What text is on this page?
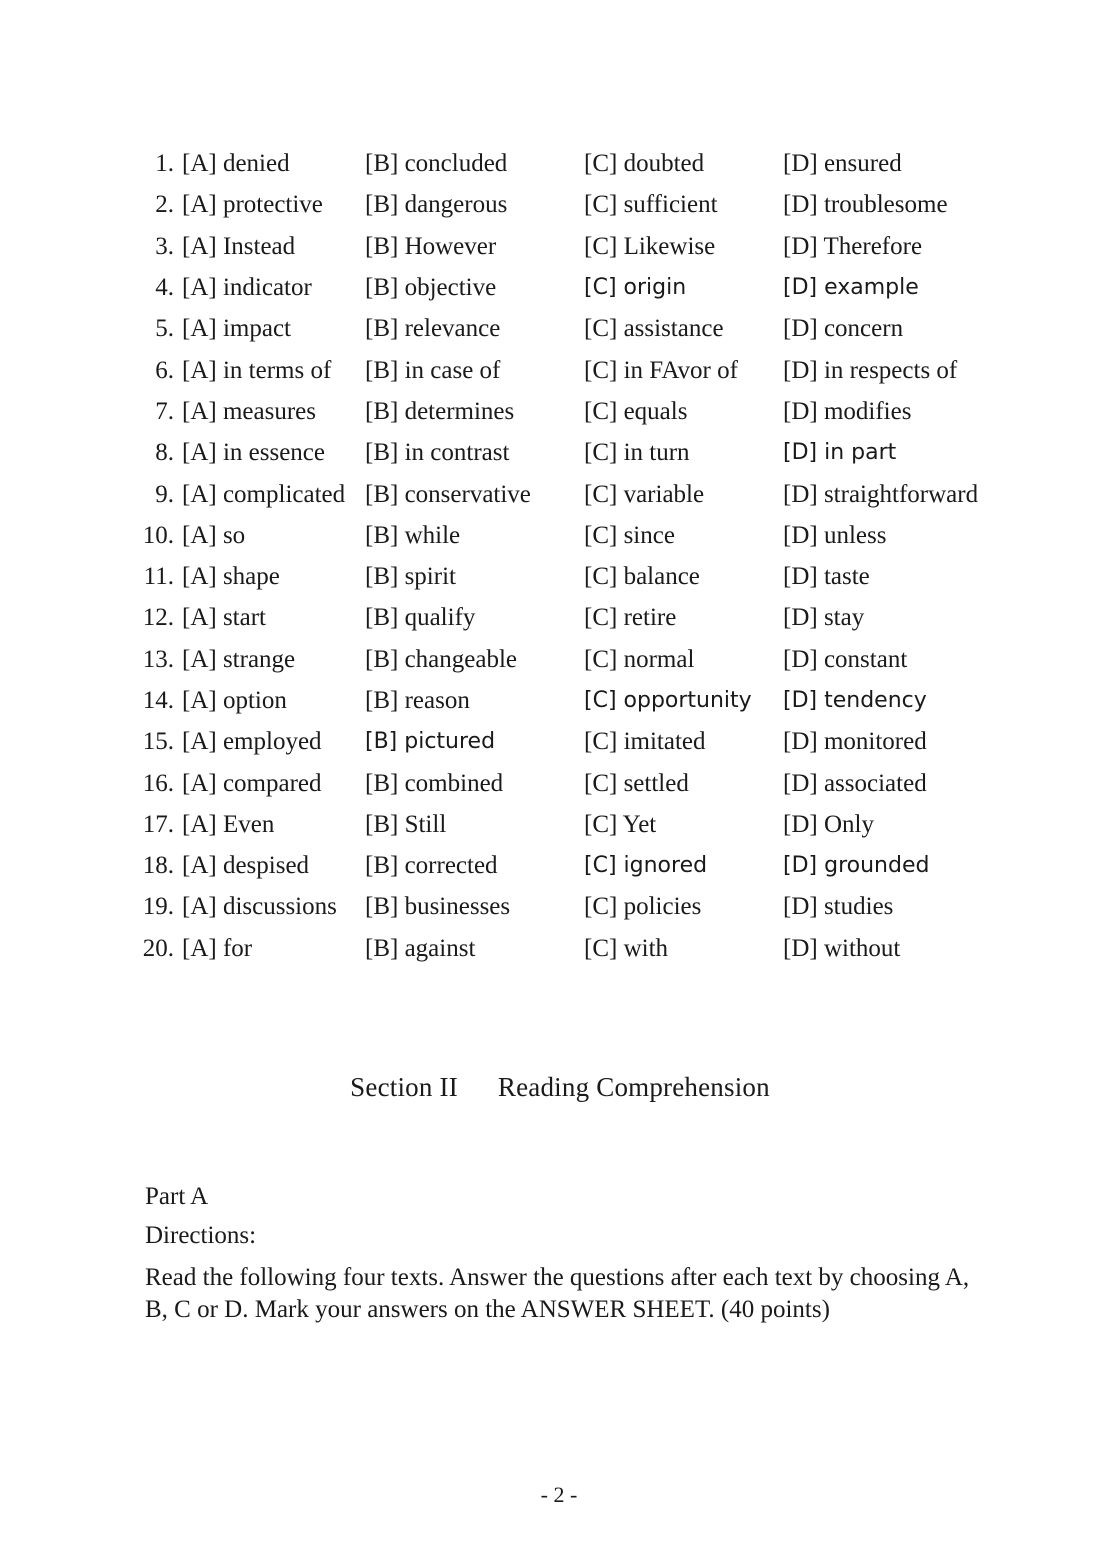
1. [A] denied	[B] concluded	[C] doubted	[D] ensured
2. [A] protective	[B] dangerous	[C] sufficient	[D] troublesome
3. [A] Instead	[B] However	[C] Likewise	[D] Therefore
4. [A] indicator	[B] objective	[C] origin	[D] example
5. [A] impact	[B] relevance	[C] assistance	[D] concern
6. [A] in terms of	[B] in case of	[C] in FAvor of	[D] in respects of
7. [A] measures	[B] determines	[C] equals	[D] modifies
8. [A] in essence	[B] in contrast	[C] in turn	[D] in part
9. [A] complicated [B] conservative	[C] variable	[D] straightforward
10. [A] so	[B] while	[C] since	[D] unless
11. [A] shape	[B] spirit	[C] balance	[D] taste
12. [A] start	[B] qualify	[C] retire	[D] stay
13. [A] strange	[B] changeable	[C] normal	[D] constant
14. [A] option	[B] reason	[C] opportunity	[D] tendency
15. [A] employed	[B] pictured	[C] imitated	[D] monitored
16. [A] compared	[B] combined	[C] settled	[D] associated
17. [A] Even	[B] Still	[C] Yet	[D] Only
18. [A] despised	[B] corrected	[C] ignored	[D] grounded
19. [A] discussions	[B] businesses	[C] policies	[D] studies
20. [A] for	[B] against	[C] with	[D] without
Section II Reading Comprehension
Part A
Directions:
Read the following four texts. Answer the questions after each text by choosing A, B, C or D. Mark your answers on the ANSWER SHEET. (40 points)
- 2 -
